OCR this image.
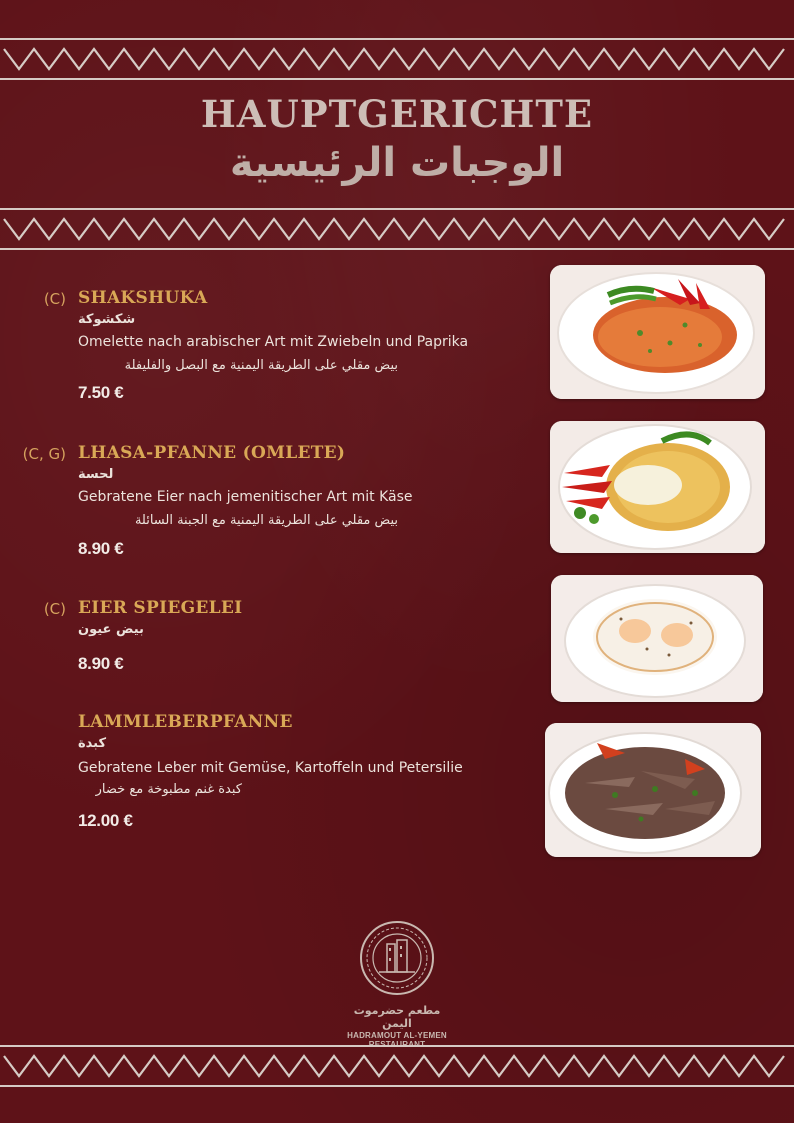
HAUPTGERICHTE
الوجبات الرئيسية
(C) SHAKSHUKA
شكشوكة
Omelette nach arabischer Art mit Zwiebeln und Paprika
بيض مقلي على الطريقة اليمنية مع البصل والفليفلة
7.50 €
(C, G) LHASA-PFANNE (OMLETE)
لحسة
Gebratene Eier nach jemenitischer Art mit Käse
بيض مقلي على الطريقة اليمنية مع الجبنة السائلة
8.90 €
(C) EIER SPIEGELEI
بيض عيون
8.90 €
LAMMLEBERPFANNE
كبدة
Gebratene Leber mit Gemüse, Kartoffeln und Petersilie
كبدة غنم مطبوخة مع خضار
12.00 €
مطعم حضرموت اليمن
HADRAMOUT AL-YEMEN RESTAURANT
